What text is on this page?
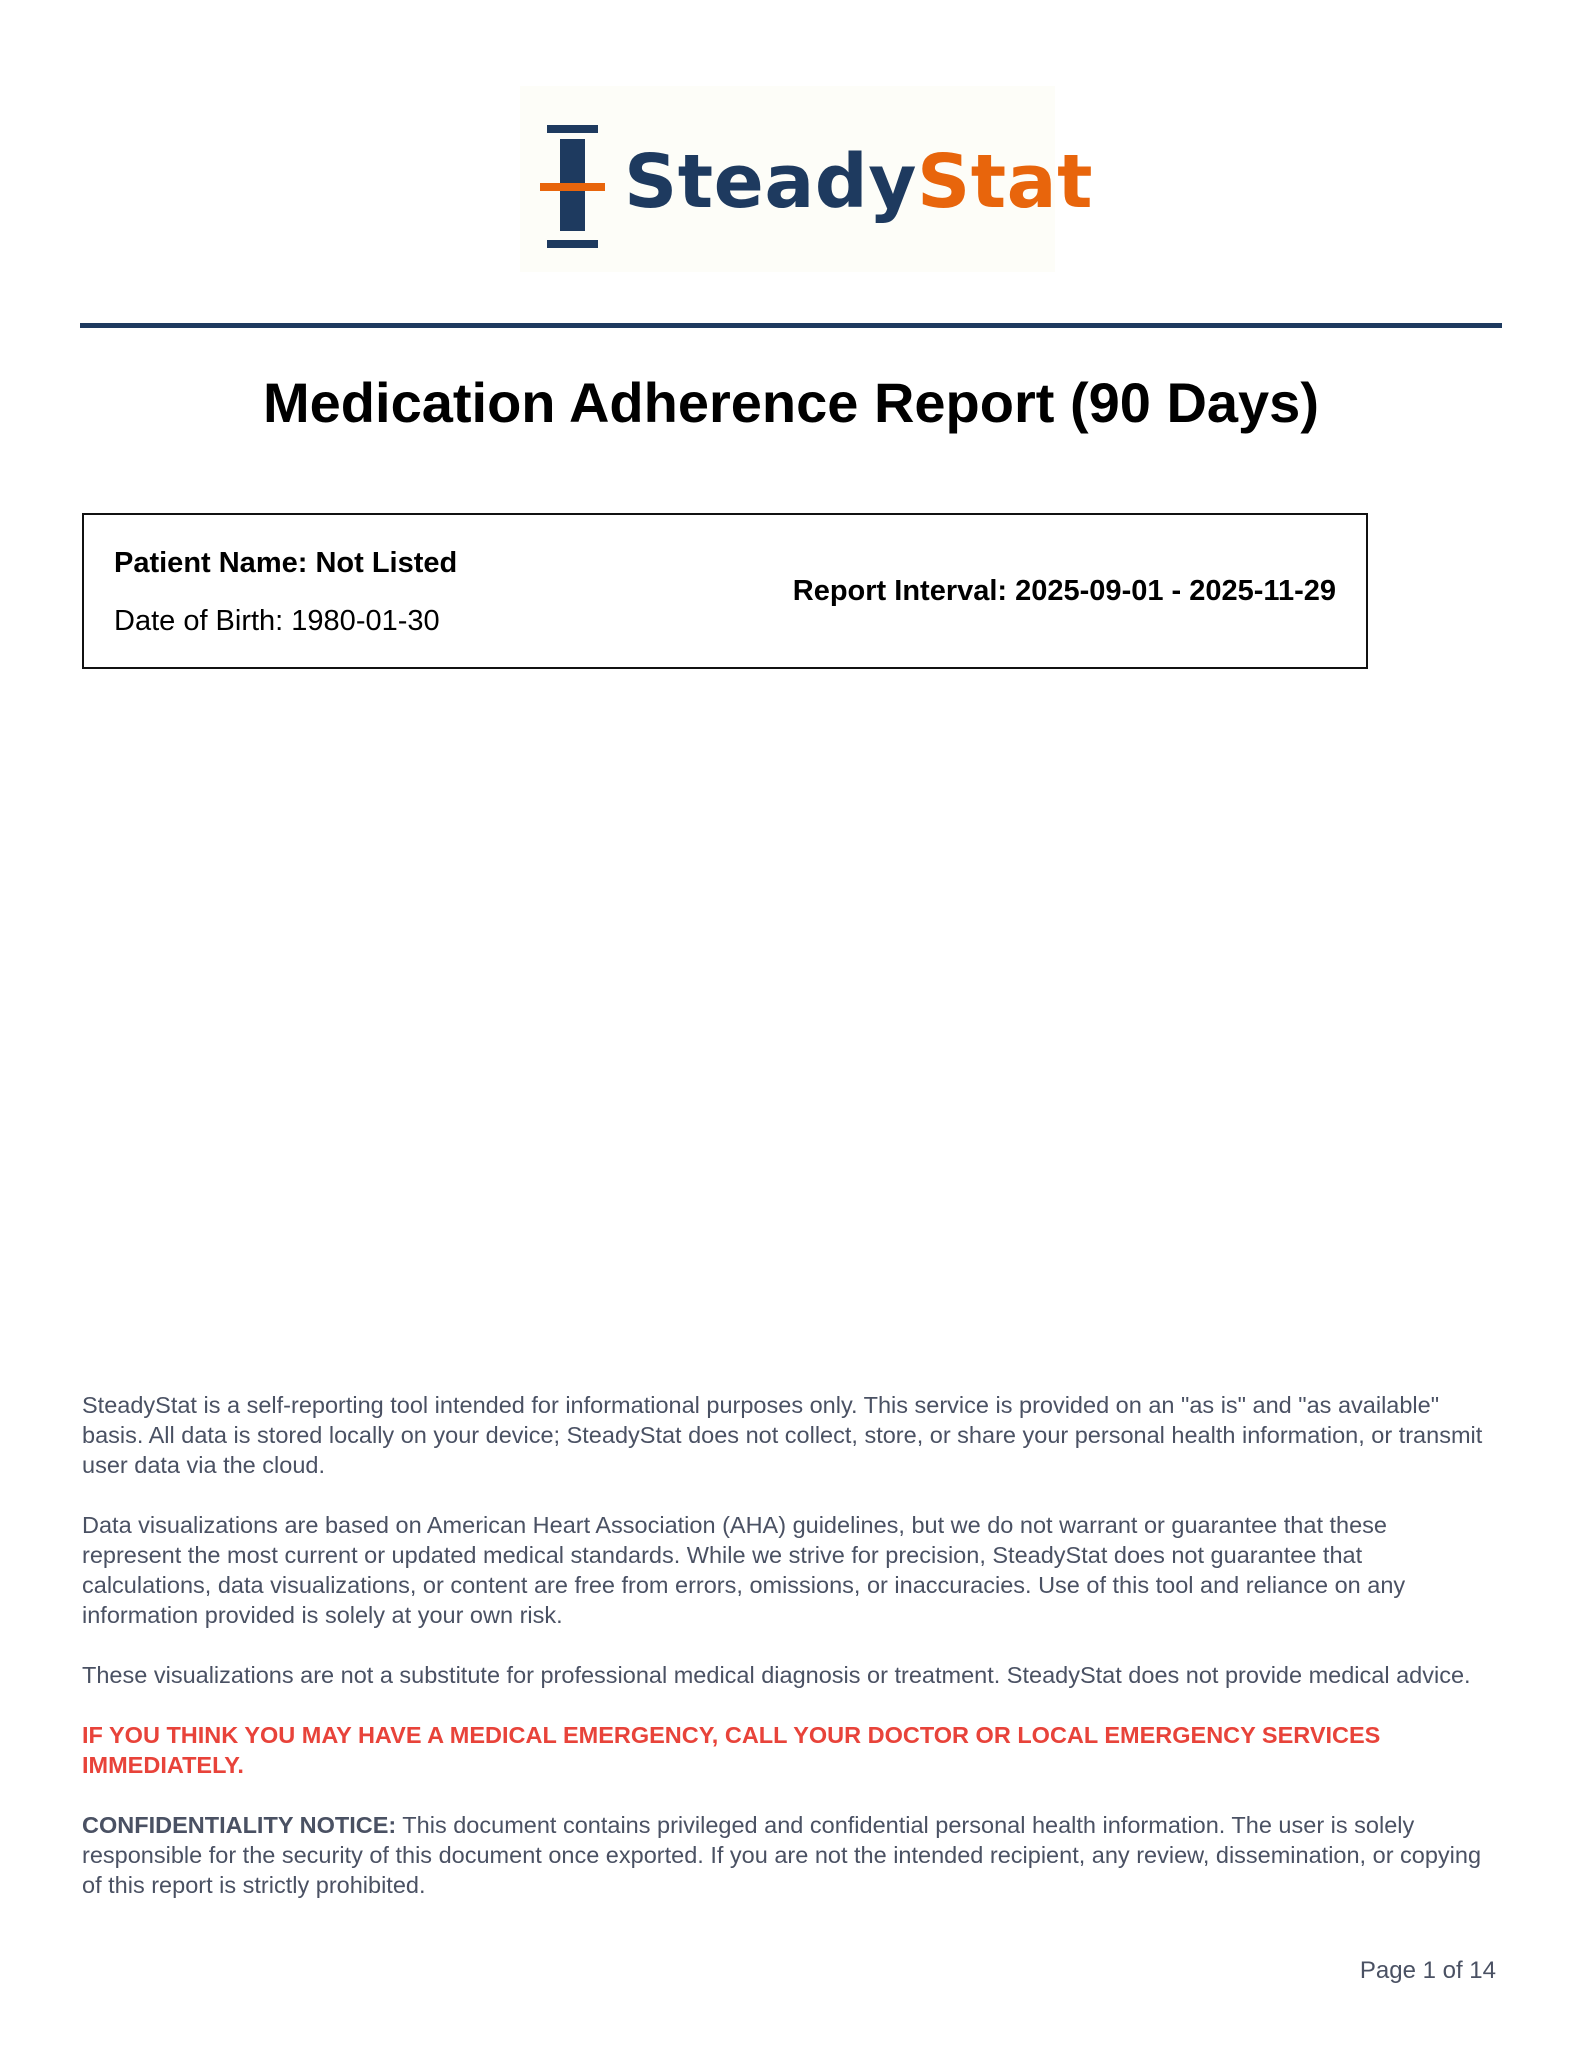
SteadyStat
Medication Adherence Report (90 Days)
Patient Name: Not Listed
Date of Birth: 1980-01-30
Report Interval: 2025-09-01 - 2025-11-29

SteadyStat is a self-reporting tool intended for informational purposes only. This service is provided on an "as is" and "as available" basis. All data is stored locally on your device; SteadyStat does not collect, store, or share your personal health information, or transmit user data via the cloud.

Data visualizations are based on American Heart Association (AHA) guidelines, but we do not warrant or guarantee that these represent the most current or updated medical standards. While we strive for precision, SteadyStat does not guarantee that calculations, data visualizations, or content are free from errors, omissions, or inaccuracies. Use of this tool and reliance on any information provided is solely at your own risk.

These visualizations are not a substitute for professional medical diagnosis or treatment. SteadyStat does not provide medical advice.

IF YOU THINK YOU MAY HAVE A MEDICAL EMERGENCY, CALL YOUR DOCTOR OR LOCAL EMERGENCY SERVICES IMMEDIATELY.

CONFIDENTIALITY NOTICE: This document contains privileged and confidential personal health information. The user is solely responsible for the security of this document once exported. If you are not the intended recipient, any review, dissemination, or copying of this report is strictly prohibited.

Page 1 of 14
